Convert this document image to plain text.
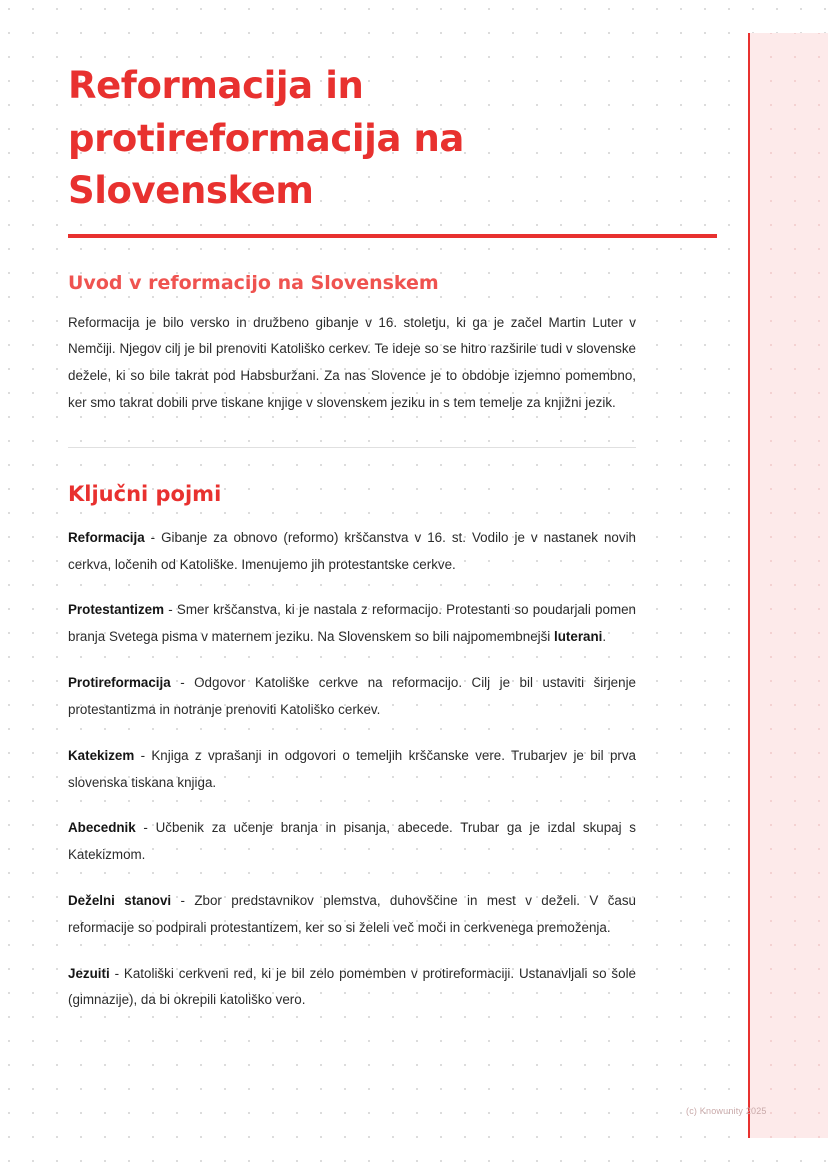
Reformacija in protireformacija na Slovenskem
Uvod v reformacijo na Slovenskem

Reformacija je bilo versko in družbeno gibanje v 16. stoletju, ki ga je začel Martin Luter v Nemčiji. Njegov cilj je bil prenoviti Katoliško cerkev. Te ideje so se hitro razširile tudi v slovenske dežele, ki so bile takrat pod Habsburžani. Za nas Slovence je to obdobje izjemno pomembno, ker smo takrat dobili prve tiskane knjige v slovenskem jeziku in s tem temelje za knjižni jezik.

Ključni pojmi

Reformacija - Gibanje za obnovo (reformo) krščanstva v 16. st. Vodilo je v nastanek novih cerkva, ločenih od Katoliške. Imenujemo jih protestantske cerkve.

Protestantizem - Smer krščanstva, ki je nastala z reformacijo. Protestanti so poudarjali pomen branja Svetega pisma v maternem jeziku. Na Slovenskem so bili najpomembnejši luterani.

Protireformacija - Odgovor Katoliške cerkve na reformacijo. Cilj je bil ustaviti širjenje protestantizma in notranje prenoviti Katoliško cerkev.

Katekizem - Knjiga z vprašanji in odgovori o temeljih krščanske vere. Trubarjev je bil prva slovenska tiskana knjiga.

Abecednik - Učbenik za učenje branja in pisanja, abecede. Trubar ga je izdal skupaj s Katekizmom.

Deželni stanovi - Zbor predstavnikov plemstva, duhovščine in mest v deželi. V času reformacije so podpirali protestantizem, ker so si želeli več moči in cerkvenega premoženja.

Jezuiti - Katoliški cerkveni red, ki je bil zelo pomemben v protireformaciji. Ustanavljali so šole (gimnazije), da bi okrepili katoliško vero.

(c) Knowunity 2025
